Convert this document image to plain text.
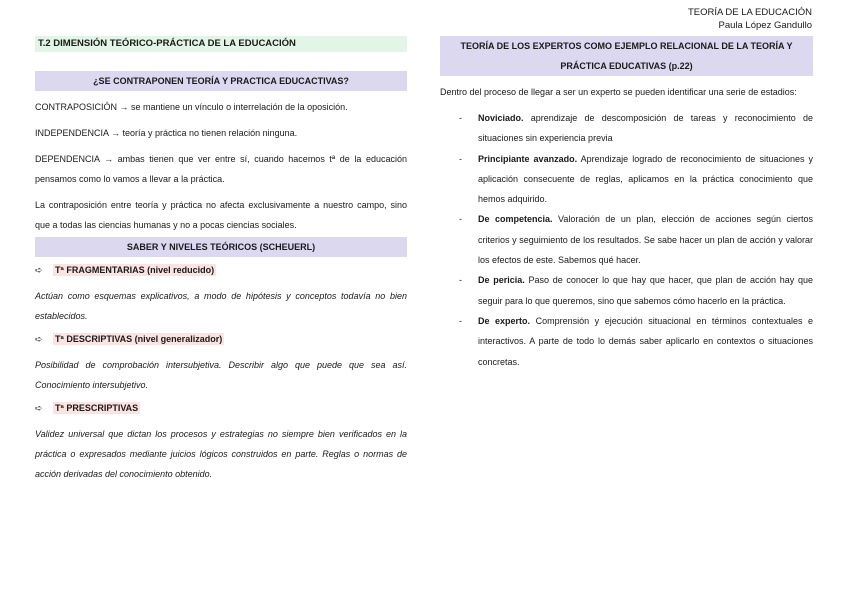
TEORÍA DE LA EDUCACIÓN
Paula López Gandullo
T.2 DIMENSIÓN TEÓRICO-PRÁCTICA DE LA EDUCACIÓN
¿SE CONTRAPONEN TEORÍA Y PRACTICA EDUCACTIVAS?

CONTRAPOSICIÓN → se mantiene un vínculo o interrelación de la oposición.

INDEPENDENCIA → teoría y práctica no tienen relación ninguna.

DEPENDENCIA → ambas tienen que ver entre sí, cuando hacemos tª de la educación pensamos como lo vamos a llevar a la práctica.

La contraposición entre teoría y práctica no afecta exclusivamente a nuestro campo, sino que a todas las ciencias humanas y no a pocas ciencias sociales.

SABER Y NIVELES TEÓRICOS (SCHEUERL)
➪ Tª FRAGMENTARIAS (nivel reducido)

Actúan como esquemas explicativos, a modo de hipótesis y conceptos todavía no bien establecidos.

➪ Tª DESCRIPTIVAS (nivel generalizador)

Posibilidad de comprobación intersubjetiva. Describir algo que puede que sea así. Conocimiento intersubjetivo.

➪ Tª PRESCRIPTIVAS

Validez universal que dictan los procesos y estrategias no siempre bien verificados en la práctica o expresados mediante juicios lógicos construidos en parte. Reglas o normas de acción derivadas del conocimiento obtenido.

TEORÍA DE LOS EXPERTOS COMO EJEMPLO RELACIONAL DE LA TEORÍA Y PRÁCTICA EDUCATIVAS (p.22)

Dentro del proceso de llegar a ser un experto se pueden identificar una serie de estadios:

- Noviciado. aprendizaje de descomposición de tareas y reconocimiento de situaciones sin experiencia previa
- Principiante avanzado. Aprendizaje logrado de reconocimiento de situaciones y aplicación consecuente de reglas, aplicamos en la práctica conocimiento que hemos adquirido.
- De competencia. Valoración de un plan, elección de acciones según ciertos criterios y seguimiento de los resultados. Se sabe hacer un plan de acción y valorar los efectos de este. Sabemos qué hacer.
- De pericia. Paso de conocer lo que hay que hacer, que plan de acción hay que seguir para lo que queremos, sino que sabemos cómo hacerlo en la práctica.
- De experto. Comprensión y ejecución situacional en términos contextuales e interactivos. A parte de todo lo demás saber aplicarlo en contextos o situaciones concretas.
